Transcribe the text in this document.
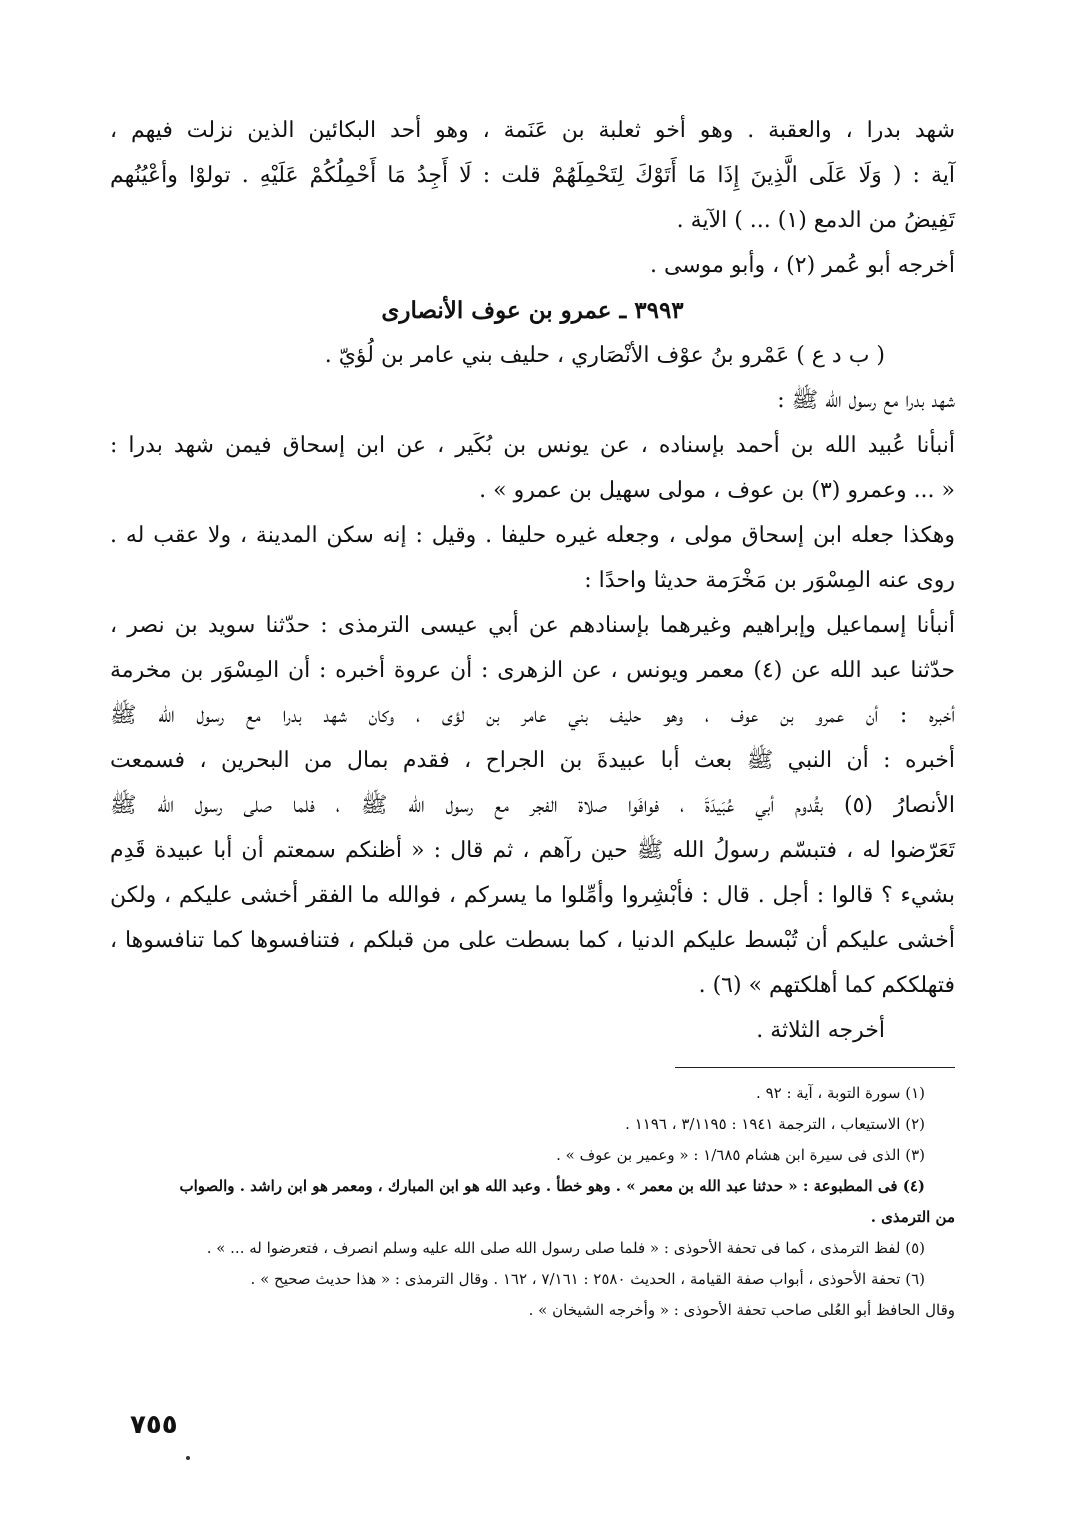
شهد بدرا ، والعقبة . وهو أخو ثعلبة بن عَنَمة ، وهو أحد البكائين الذين نزلت فيهم ،

آية : ( وَلَا عَلَى الَّذِينَ إِذَا مَا أَتَوْكَ لِتَحْمِلَهُمْ قلت : لَا أَجِدُ مَا أَحْمِلُكُمْ عَلَيْهِ . تولوْا وأعْيُنُهم

تَفِيضُ من الدمع (١) ... ) الآية .

أخرجه أبو عُمر (٢) ، وأبو موسى .

٣٩٩٣ ـ عمرو بن عوف الأنصارى

( ب د ع ) عَمْرو بنُ عوْف الأنْصَاري ، حليف بني عامر بن لُؤيّ .

شهد بدرا مع رسول الله ﷺ :

أنبأنا عُبيد الله بن أحمد بإسناده ، عن يونس بن بُكَير ، عن ابن إسحاق فيمن شهد بدرا :

« ... وعمرو (٣) بن عوف ، مولى سهيل بن عمرو » .

وهكذا جعله ابن إسحاق مولى ، وجعله غيره حليفا . وقيل : إنه سكن المدينة ، ولا عقب له .

روى عنه المِسْوَر بن مَخْرَمة حديثا واحدًا :

أنبأنا إسماعيل وإبراهيم وغيرهما بإسنادهم عن أبي عيسى الترمذى : حدّثنا سويد بن نصر ،

حدّثنا عبد الله عن (٤) معمر ويونس ، عن الزهرى : أن عروة أخبره : أن المِسْوَر بن مخرمة

أخبره : أن عمرو بن عوف ، وهو حليف بني عامر بن لؤى ، وكان شهد بدرا مع رسول الله ﷺ

أخبره : أن النبي ﷺ بعث أبا عبيدةَ بن الجراح ، فقدم بمال من البحرين ، فسمعت

الأنصارُ (٥) بقُدوم أبي عُبَيدَةَ ، فوافَوا صلاة الفجر مع رسول الله ﷺ ، فلما صلى رسول الله ﷺ

تَعَرّضوا له ، فتبسّم رسولُ الله ﷺ حين رآهم ، ثم قال : « أظنكم سمعتم أن أبا عبيدة قَدِم

بشيء ؟ قالوا : أجل . قال : فأبْشِروا وأمِّلوا ما يسركم ، فوالله ما الفقر أخشى عليكم ، ولكن

أخشى عليكم أن تُبْسط عليكم الدنيا ، كما بسطت على من قبلكم ، فتنافسوها كما تنافسوها ،

فتهلككم كما أهلكتهم » (٦) .

أخرجه الثلاثة .

(١) سورة التوبة ، آية : ٩٢ .

(٢) الاستيعاب ، الترجمة ١٩٤١ : ٣/١١٩٥ ، ١١٩٦ .

(٣) الذى فى سيرة ابن هشام ١/٦٨٥ : « وعمير بن عوف » .

(٤) فى المطبوعة : « حدثنا عبد الله بن معمر » . وهو خطأ . وعبد الله هو ابن المبارك ، ومعمر هو ابن راشد . والصواب

من الترمذى .

(٥) لفظ الترمذى ، كما فى تحفة الأحوذى : « فلما صلى رسول الله صلى الله عليه وسلم انصرف ، فتعرضوا له ... » .

(٦) تحفة الأحوذى ، أبواب صفة القيامة ، الحديث ٢٥٨٠ : ٧/١٦١ ، ١٦٢ . وقال الترمذى : « هذا حديث صحيح » .

وقال الحافظ أبو العُلى صاحب تحفة الأحوذى : « وأخرجه الشيخان » .

٧٥٥
